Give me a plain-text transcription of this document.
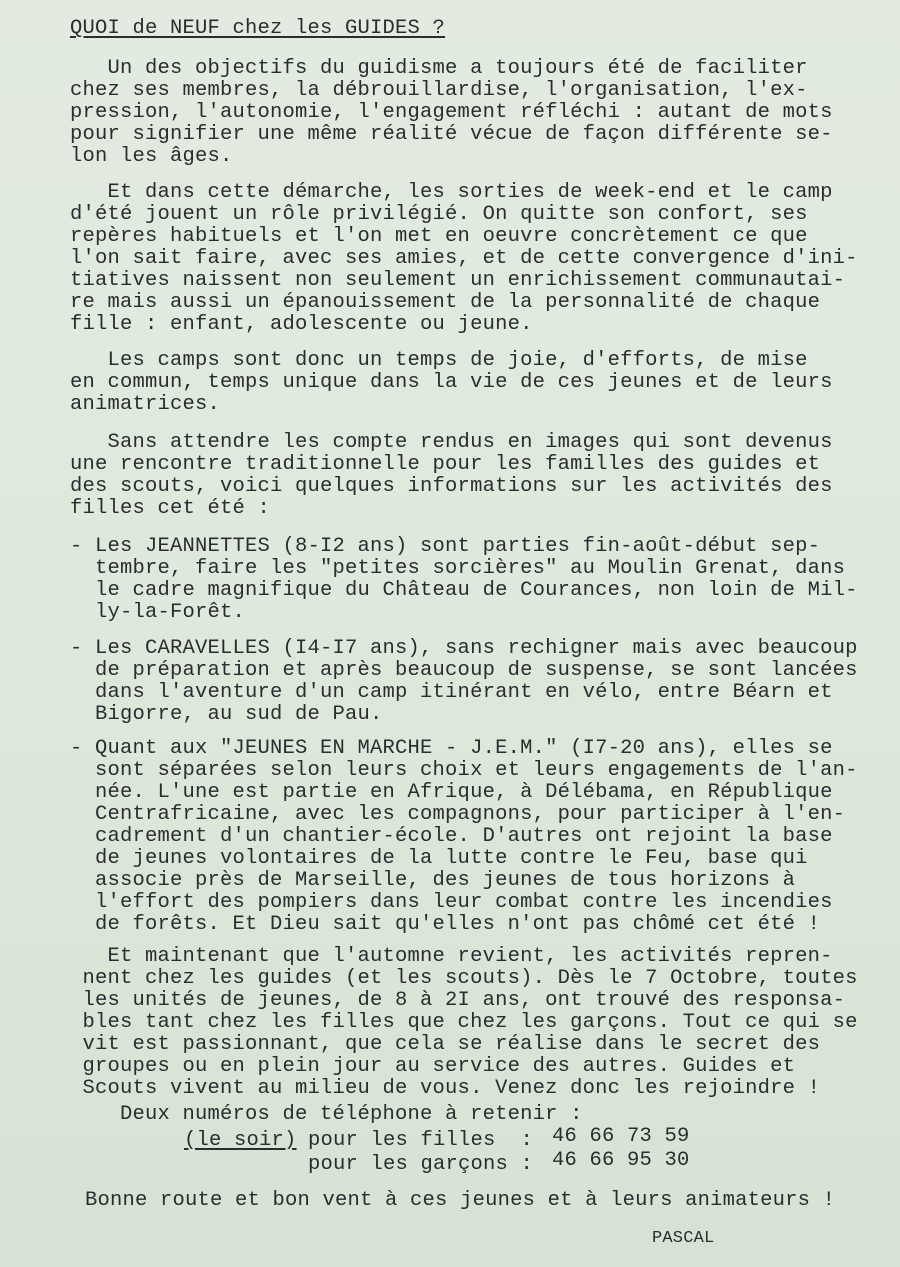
QUOI de NEUF chez les GUIDES ?
Un des objectifs du guidisme a toujours été de faciliter
chez ses membres, la débrouillardise, l'organisation, l'ex-
pression, l'autonomie, l'engagement réfléchi : autant de mots
pour signifier une même réalité vécue de façon différente se-
lon les âges.
Et dans cette démarche, les sorties de week-end et le camp
d'été jouent un rôle privilégié. On quitte son confort, ses
repères habituels et l'on met en oeuvre concrètement ce que
l'on sait faire, avec ses amies, et de cette convergence d'ini-
tiatives naissent non seulement un enrichissement communautai-
re mais aussi un épanouissement de la personnalité de chaque
fille : enfant, adolescente ou jeune.
Les camps sont donc un temps de joie, d'efforts, de mise
en commun, temps unique dans la vie de ces jeunes et de leurs
animatrices.
Sans attendre les compte rendus en images qui sont devenus
une rencontre traditionnelle pour les familles des guides et
des scouts, voici quelques informations sur les activités des
filles cet été :
- Les JEANNETTES (8-I2 ans) sont parties fin-août-début sep-
tembre, faire les "petites sorcières" au Moulin Grenat, dans
le cadre magnifique du Château de Courances, non loin de Mil-
ly-la-Forêt.
- Les CARAVELLES (I4-I7 ans), sans rechigner mais avec beaucoup
de préparation et après beaucoup de suspense, se sont lancées
dans l'aventure d'un camp itinérant en vélo, entre Béarn et
Bigorre, au sud de Pau.
- Quant aux "JEUNES EN MARCHE - J.E.M." (I7-20 ans), elles se
sont séparées selon leurs choix et leurs engagements de l'an-
née. L'une est partie en Afrique, à Délébama, en République
Centrafricaine, avec les compagnons, pour participer à l'en-
cadrement d'un chantier-école. D'autres ont rejoint la base
de jeunes volontaires de la lutte contre le Feu, base qui
associe près de Marseille, des jeunes de tous horizons à
l'effort des pompiers dans leur combat contre les incendies
de forêts. Et Dieu sait qu'elles n'ont pas chômé cet été !
Et maintenant que l'automne revient, les activités repren-
nent chez les guides (et les scouts). Dès le 7 Octobre, toutes
les unités de jeunes, de 8 à 2I ans, ont trouvé des responsa-
bles tant chez les filles que chez les garçons. Tout ce qui se
vit est passionnant, que cela se réalise dans le secret des
groupes ou en plein jour au service des autres. Guides et
Scouts vivent au milieu de vous. Venez donc les rejoindre !
Deux numéros de téléphone à retenir :
(le soir) pour les filles  : 46 66 73 59
pour les garçons : 46 66 95 30
Bonne route et bon vent à ces jeunes et à leurs animateurs !
PASCAL
